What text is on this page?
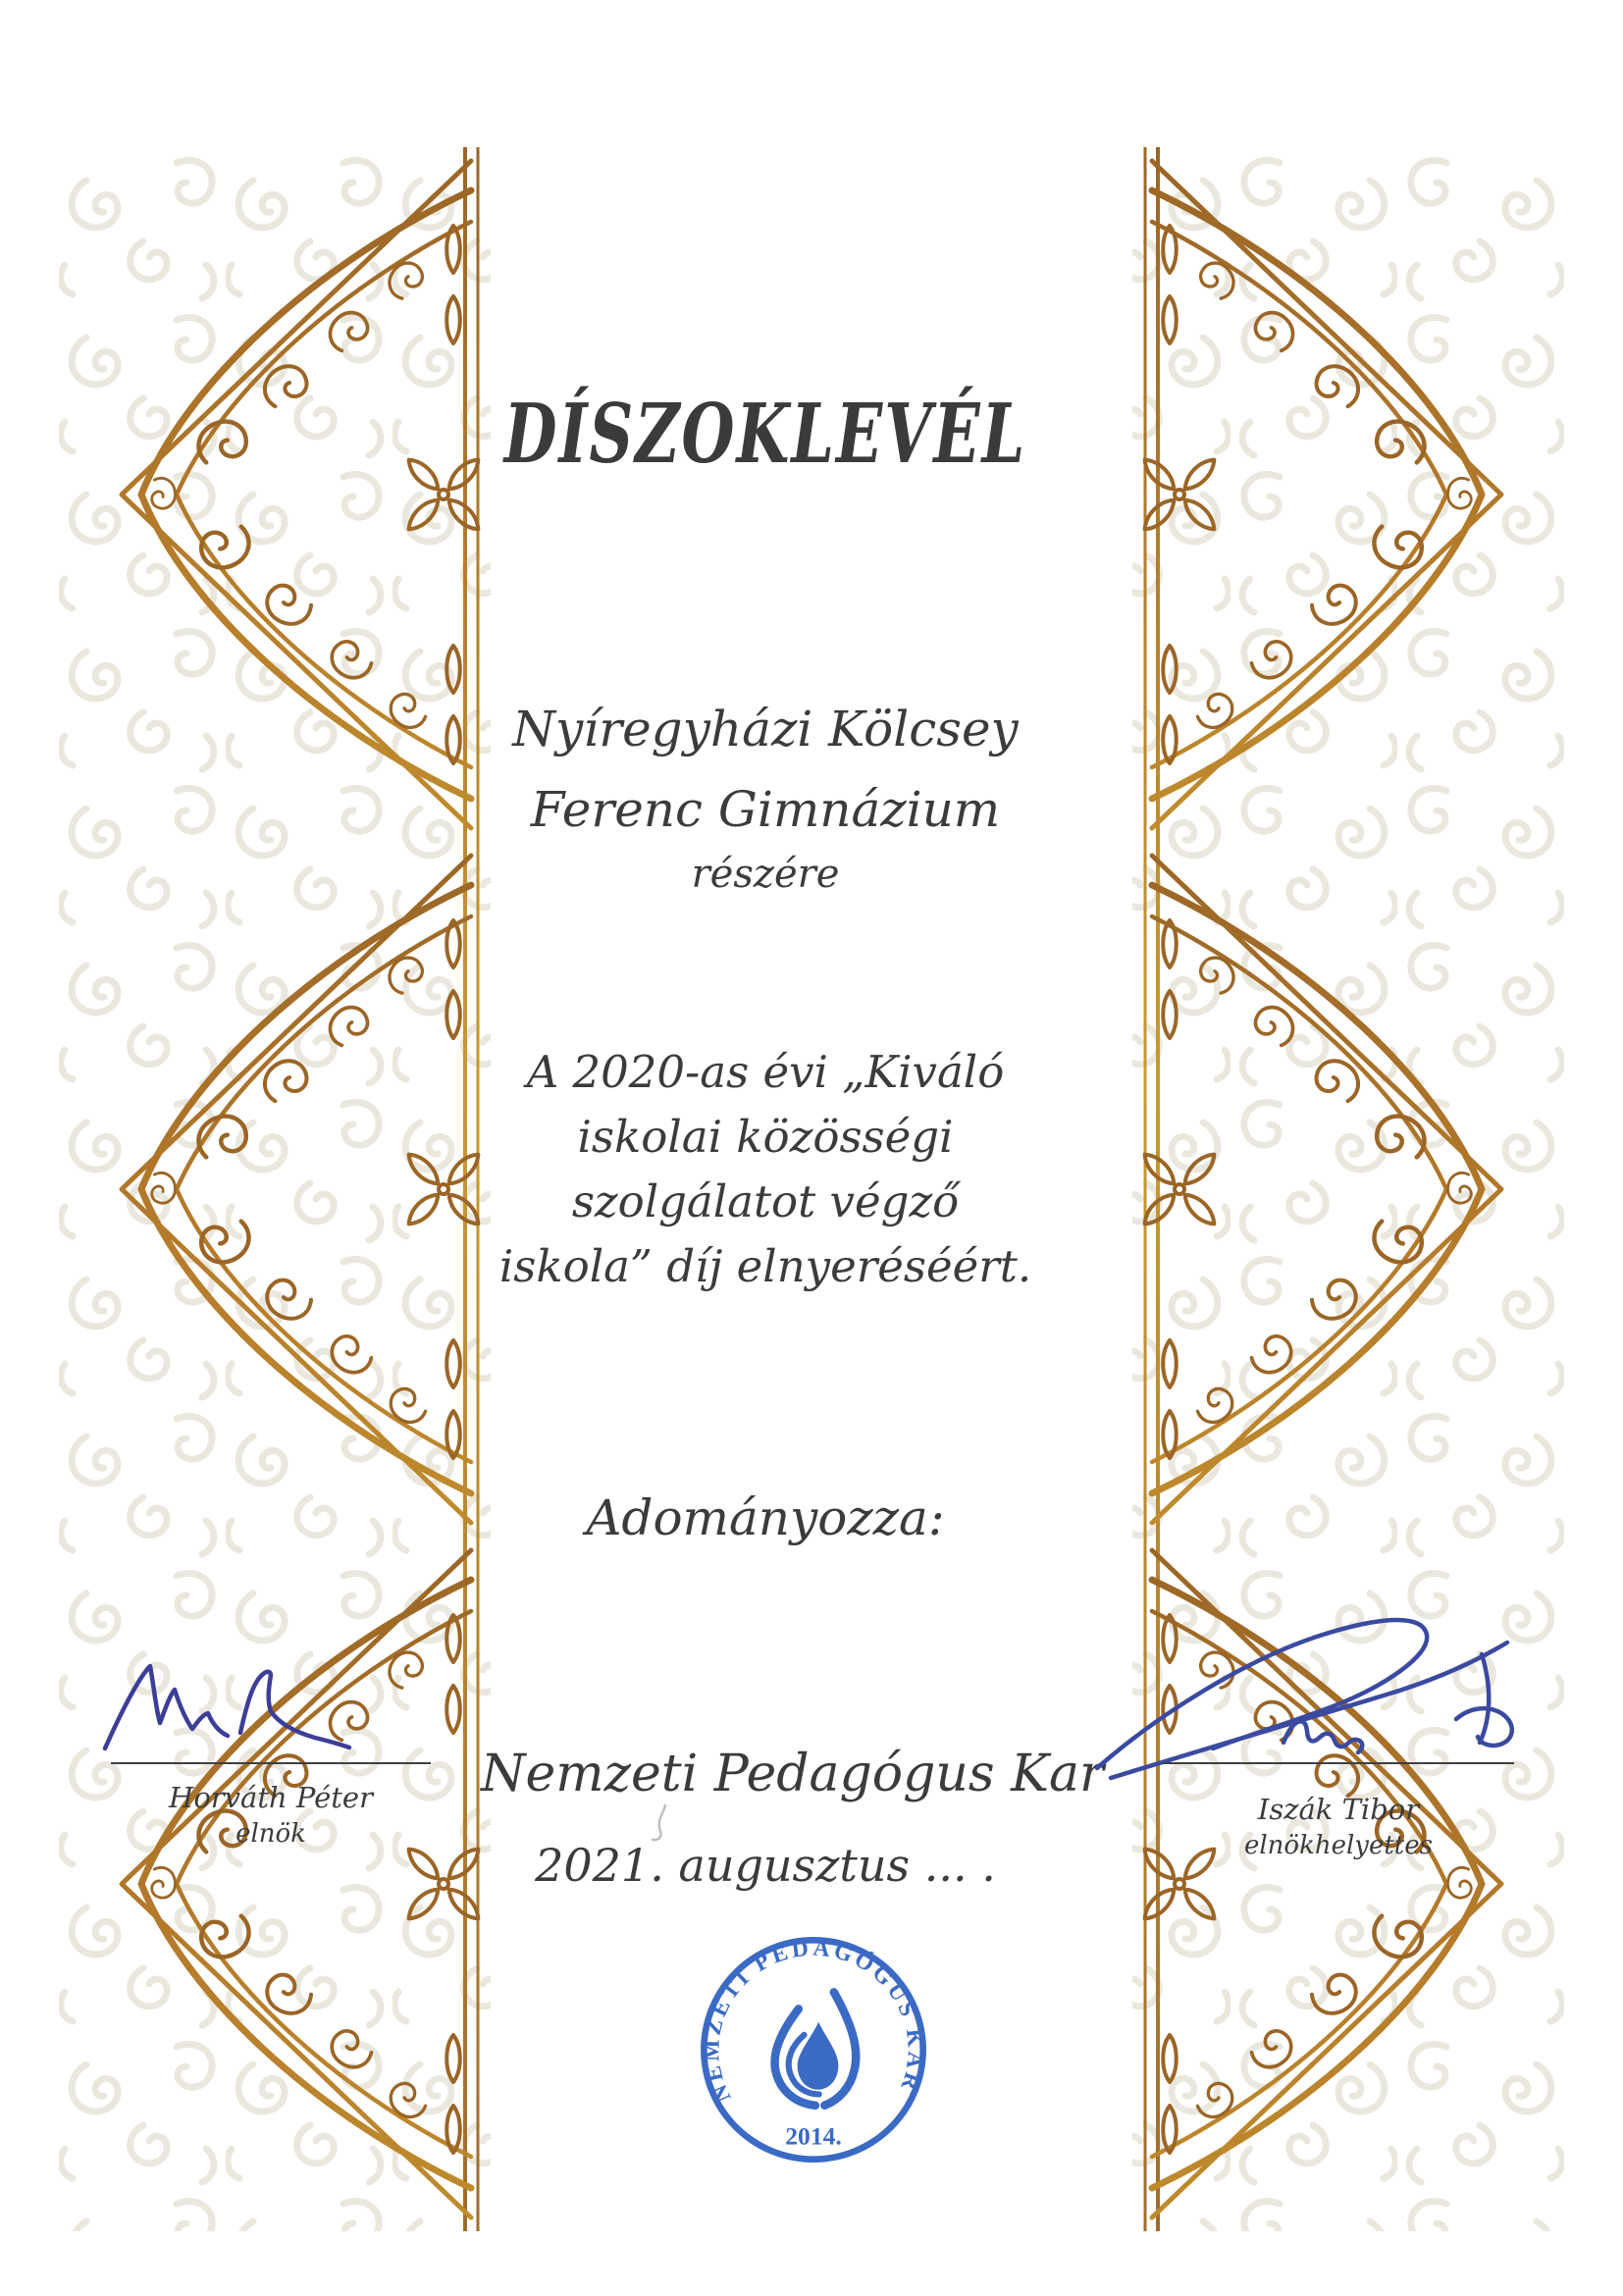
DÍSZOKLEVÉL
Nyíregyházi Kölcsey
Ferenc Gimnázium
részére
A 2020-as évi „Kiváló
iskolai közösségi
szolgálatot végző
iskola” díj elnyeréséért.
Adományozza:
Nemzeti Pedagógus Kar
2021. augusztus ... .
Horváth Péter
elnök
Iszák Tibor
elnökhelyettes
NEMZETI PEDAGÓGUS KAR
2014.
